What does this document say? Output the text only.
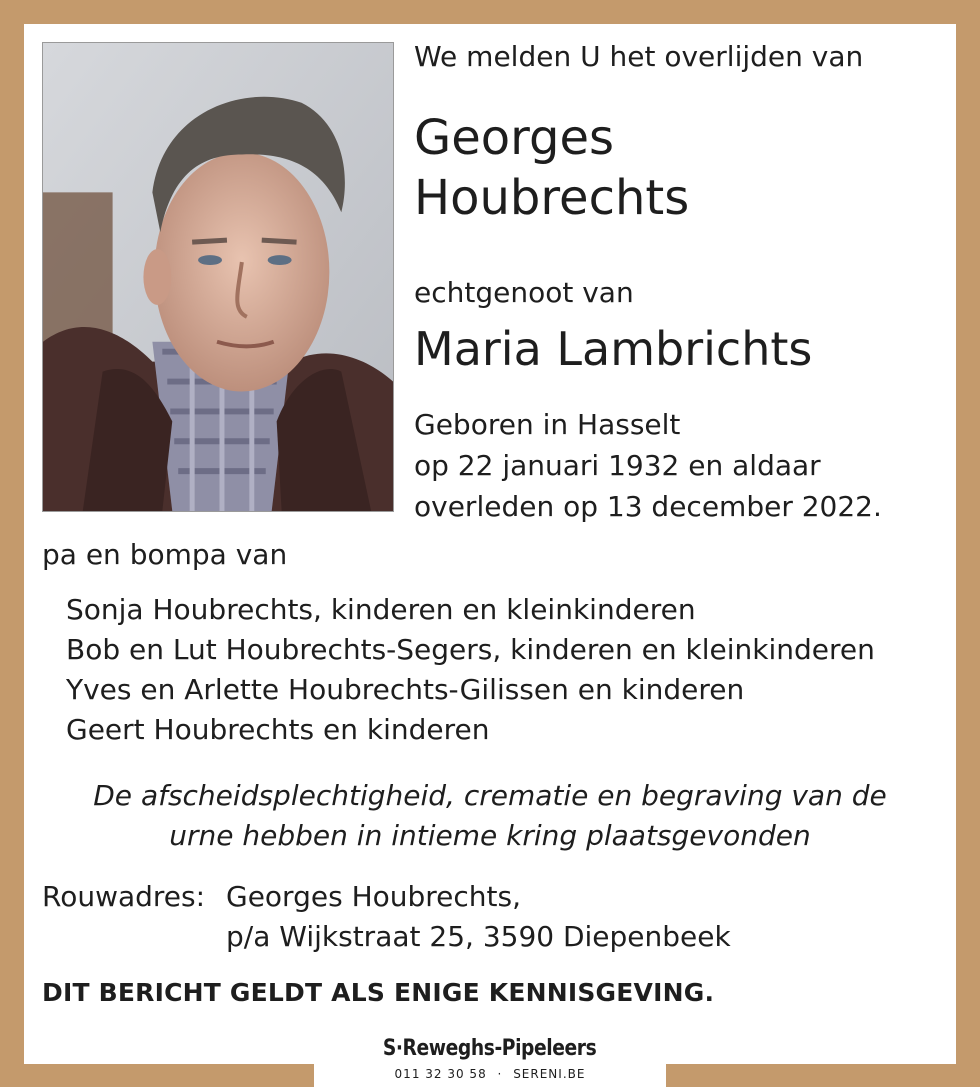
We melden U het overlijden van

Georges
Houbrechts

echtgenoot van

Maria Lambrichts

Geboren in Hasselt
op 22 januari 1932 en aldaar
overleden op 13 december 2022.

pa en bompa van

Sonja Houbrechts, kinderen en kleinkinderen
Bob en Lut Houbrechts-Segers, kinderen en kleinkinderen
Yves en Arlette Houbrechts-Gilissen en kinderen
Geert Houbrechts en kinderen
De afscheidsplechtigheid, crematie en begraving van de
urne hebben in intieme kring plaatsgevonden

Rouwadres: Georges Houbrechts,

p/a Wijkstraat 25, 3590 Diepenbeek

DIT BERICHT GELDT ALS ENIGE KENNISGEVING.

S·Reweghs-Pipeleers
011 32 30 58 · SERENI.BE
